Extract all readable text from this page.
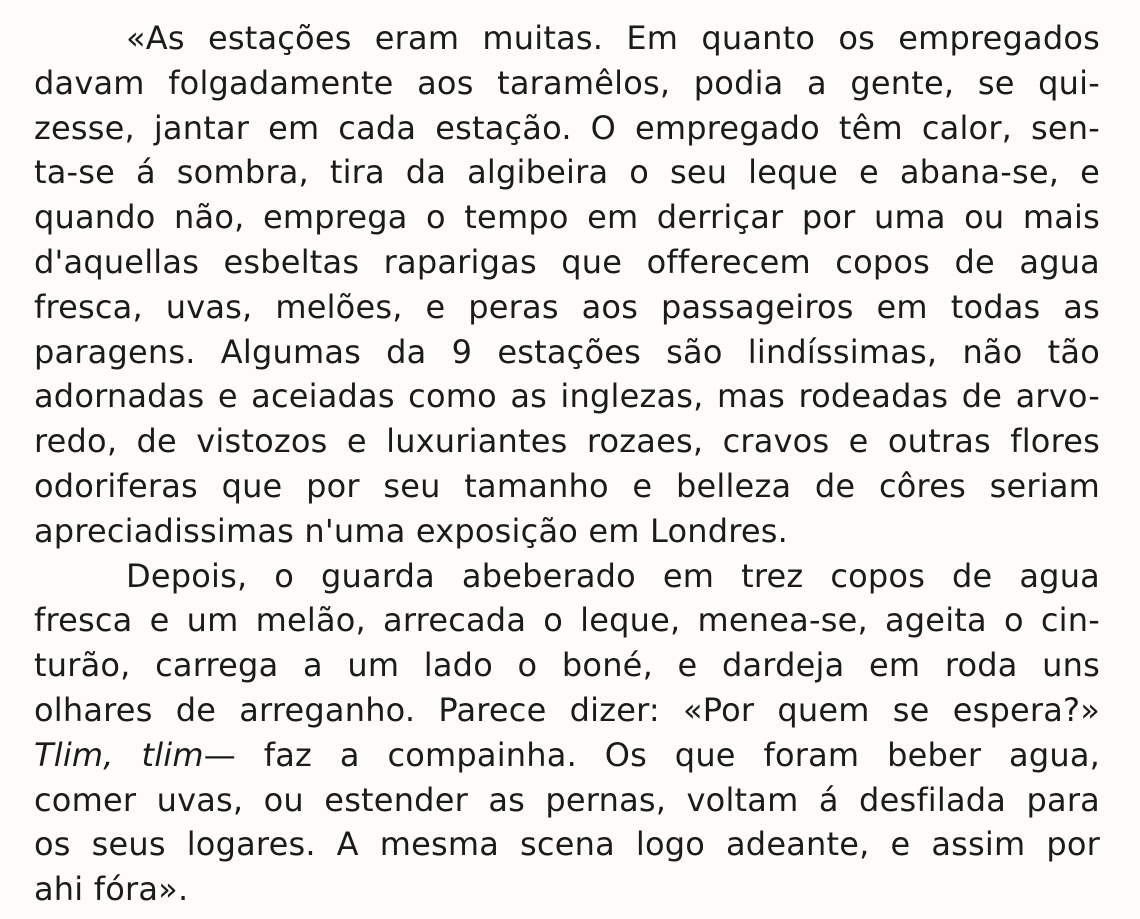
«As estações eram muitas. Em quanto os empregados
davam folgadamente aos taramêlos, podia a gente, se qui-
zesse, jantar em cada estação. O empregado têm calor, sen-
ta-se á sombra, tira da algibeira o seu leque e abana-se, e
quando não, emprega o tempo em derriçar por uma ou mais
d'aquellas esbeltas raparigas que offerecem copos de agua
fresca, uvas, melões, e peras aos passageiros em todas as
paragens. Algumas da 9 estações são lindíssimas, não tão
adornadas e aceiadas como as inglezas, mas rodeadas de arvo-
redo, de vistozos e luxuriantes rozaes, cravos e outras flores
odoriferas que por seu tamanho e belleza de côres seriam
apreciadissimas n'uma exposição em Londres.
Depois, o guarda abeberado em trez copos de agua
fresca e um melão, arrecada o leque, menea-se, ageita o cin-
turão, carrega a um lado o boné, e dardeja em roda uns
olhares de arreganho. Parece dizer: «Por quem se espera?»
Tlim, tlim— faz a compainha. Os que foram beber agua,
comer uvas, ou estender as pernas, voltam á desfilada para
os seus logares. A mesma scena logo adeante, e assim por
ahi fóra».
